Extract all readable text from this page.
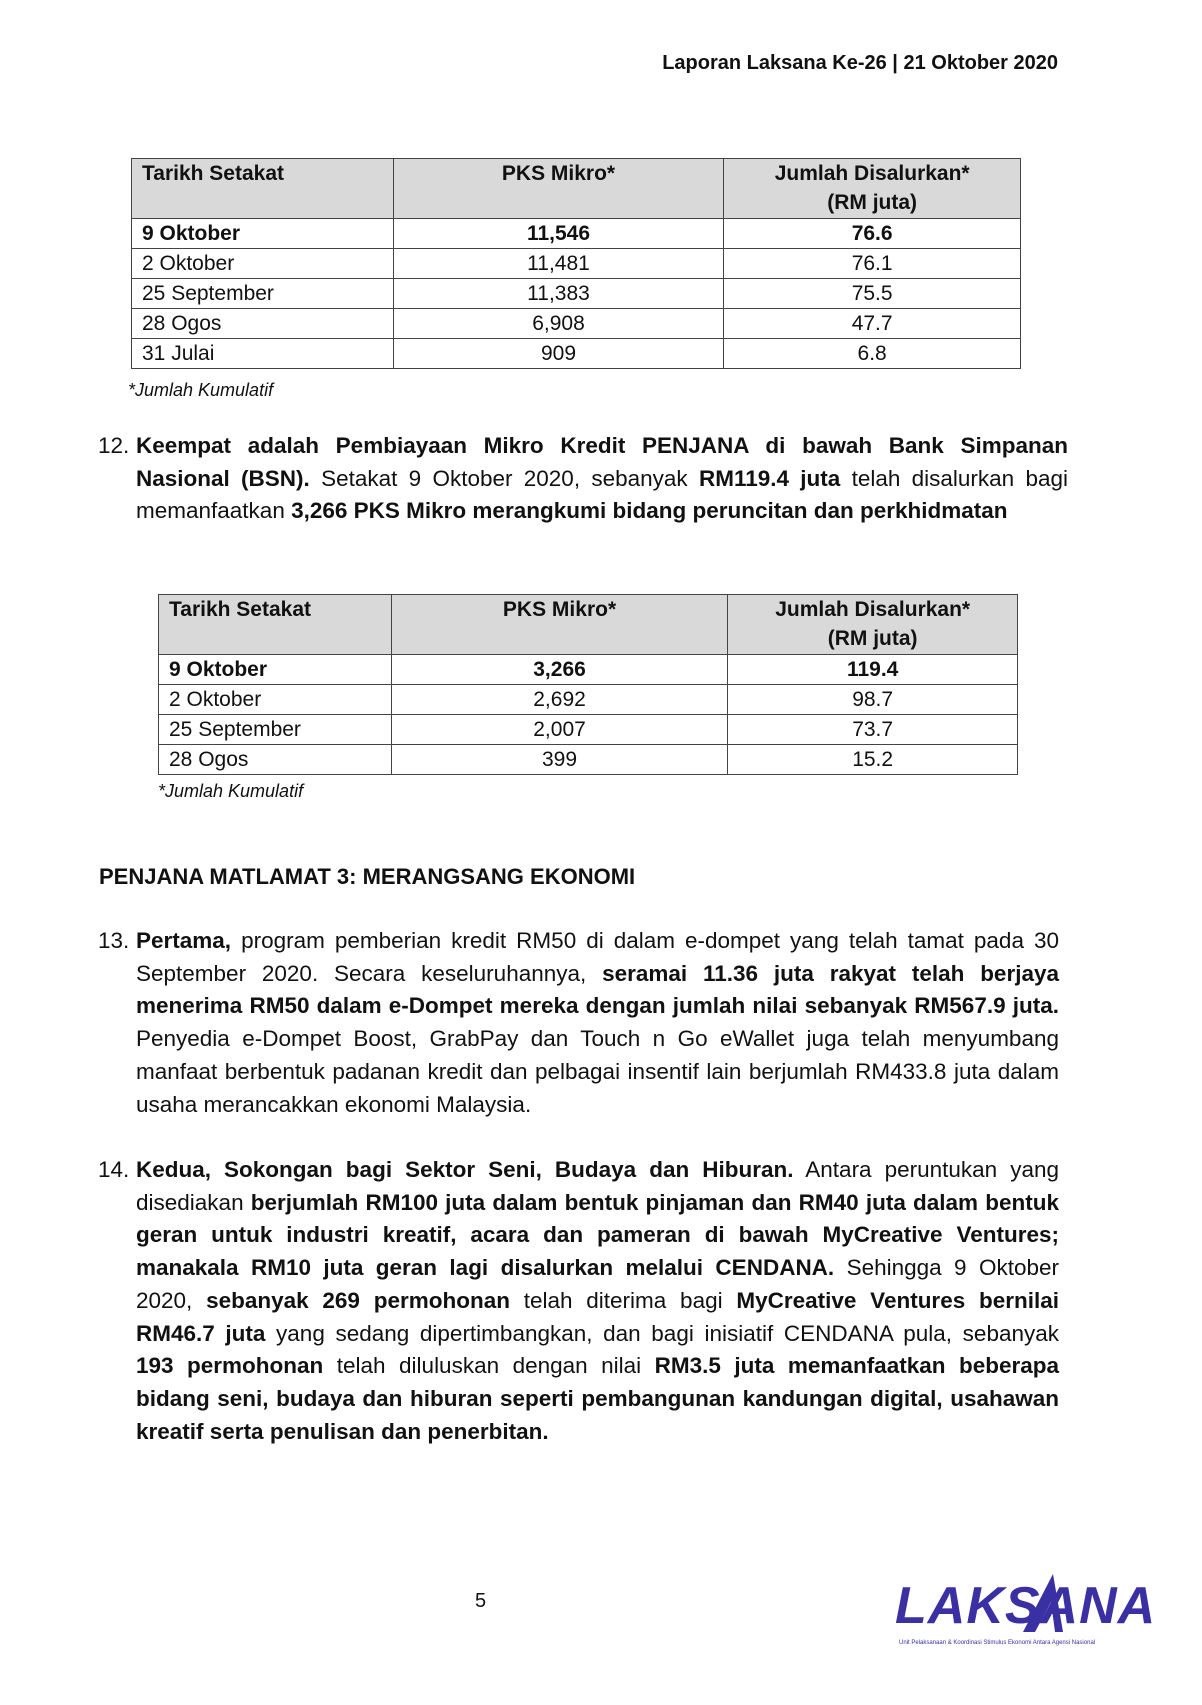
Laporan Laksana Ke-26 | 21 Oktober 2020
Tarikh Setakat	PKS Mikro*	Jumlah Disalurkan*
(RM juta)
9 Oktober	11,546	76.6
2 Oktober	11,481	76.1
25 September	11,383	75.5
28 Ogos	6,908	47.7
31 Julai	909	6.8
*Jumlah Kumulatif
12. Keempat adalah Pembiayaan Mikro Kredit PENJANA di bawah Bank Simpanan Nasional (BSN). Setakat 9 Oktober 2020, sebanyak RM119.4 juta telah disalurkan bagi memanfaatkan 3,266 PKS Mikro merangkumi bidang peruncitan dan perkhidmatan
Tarikh Setakat	PKS Mikro*	Jumlah Disalurkan*
(RM juta)
9 Oktober	3,266	119.4
2 Oktober	2,692	98.7
25 September	2,007	73.7
28 Ogos	399	15.2
*Jumlah Kumulatif
PENJANA MATLAMAT 3: MERANGSANG EKONOMI
13. Pertama, program pemberian kredit RM50 di dalam e-dompet yang telah tamat pada 30 September 2020. Secara keseluruhannya, seramai 11.36 juta rakyat telah berjaya menerima RM50 dalam e-Dompet mereka dengan jumlah nilai sebanyak RM567.9 juta. Penyedia e-Dompet Boost, GrabPay dan Touch n Go eWallet juga telah menyumbang manfaat berbentuk padanan kredit dan pelbagai insentif lain berjumlah RM433.8 juta dalam usaha merancakkan ekonomi Malaysia.
14. Kedua, Sokongan bagi Sektor Seni, Budaya dan Hiburan. Antara peruntukan yang disediakan berjumlah RM100 juta dalam bentuk pinjaman dan RM40 juta dalam bentuk geran untuk industri kreatif, acara dan pameran di bawah MyCreative Ventures; manakala RM10 juta geran lagi disalurkan melalui CENDANA. Sehingga 9 Oktober 2020, sebanyak 269 permohonan telah diterima bagi MyCreative Ventures bernilai RM46.7 juta yang sedang dipertimbangkan, dan bagi inisiatif CENDANA pula, sebanyak 193 permohonan telah diluluskan dengan nilai RM3.5 juta memanfaatkan beberapa bidang seni, budaya dan hiburan seperti pembangunan kandungan digital, usahawan kreatif serta penulisan dan penerbitan.
5	LAKSANA
Unit Pelaksanaan & Koordinasi Stimulus Ekonomi Antara Agensi Nasional
